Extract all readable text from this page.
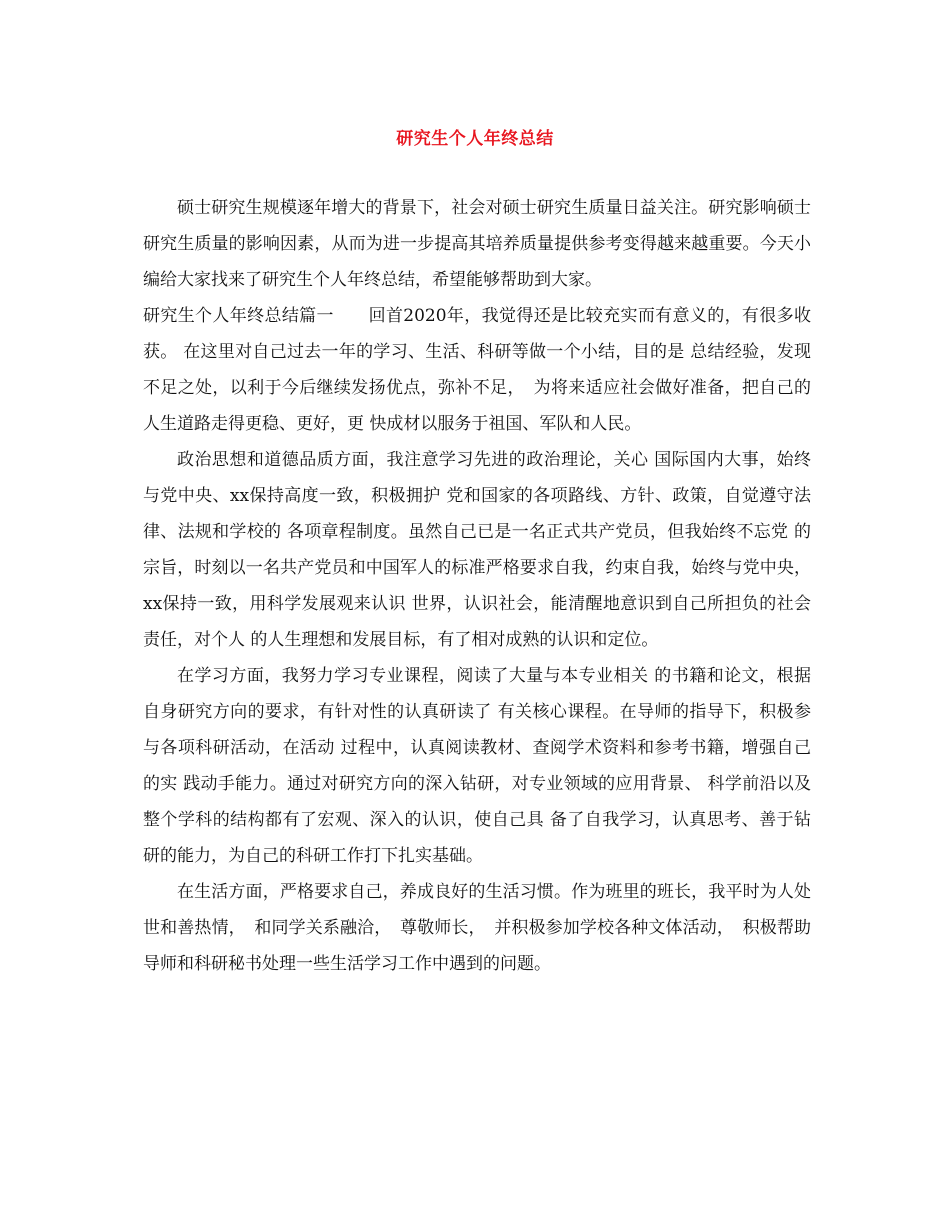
研究生个人年终总结

硕士研究生规模逐年增大的背景下，社会对硕士研究生质量日益关注。研究影响硕士研究生质量的影响因素，从而为进一步提高其培养质量提供参考变得越来越重要。今天小编给大家找来了研究生个人年终总结，希望能够帮助到大家。

研究生个人年终总结篇一　　回首2020年，我觉得还是比较充实而有意义的，有很多收获。 在这里对自己过去一年的学习、生活、科研等做一个小结，目的是 总结经验，发现不足之处，以利于今后继续发扬优点，弥补不足，　为将来适应社会做好准备，把自己的人生道路走得更稳、更好，更 快成材以服务于祖国、军队和人民。

政治思想和道德品质方面，我注意学习先进的政治理论，关心 国际国内大事，始终与党中央、xx保持高度一致，积极拥护 党和国家的各项路线、方针、政策，自觉遵守法律、法规和学校的 各项章程制度。虽然自己已是一名正式共产党员，但我始终不忘党 的宗旨，时刻以一名共产党员和中国军人的标准严格要求自我，约束自我，始终与党中央，xx保持一致，用科学发展观来认识 世界，认识社会，能清醒地意识到自己所担负的社会责任，对个人 的人生理想和发展目标，有了相对成熟的认识和定位。

在学习方面，我努力学习专业课程，阅读了大量与本专业相关 的书籍和论文，根据自身研究方向的要求，有针对性的认真研读了 有关核心课程。在导师的指导下，积极参与各项科研活动，在活动 过程中，认真阅读教材、查阅学术资料和参考书籍，增强自己的实 践动手能力。通过对研究方向的深入钻研，对专业领域的应用背景、 科学前沿以及整个学科的结构都有了宏观、深入的认识，使自己具 备了自我学习，认真思考、善于钻研的能力，为自己的科研工作打下扎实基础。

在生活方面，严格要求自己，养成良好的生活习惯。作为班里的班长，我平时为人处世和善热情，　和同学关系融洽，　尊敬师长，　并积极参加学校各种文体活动，　积极帮助导师和科研秘书处理一些生活学习工作中遇到的问题。
